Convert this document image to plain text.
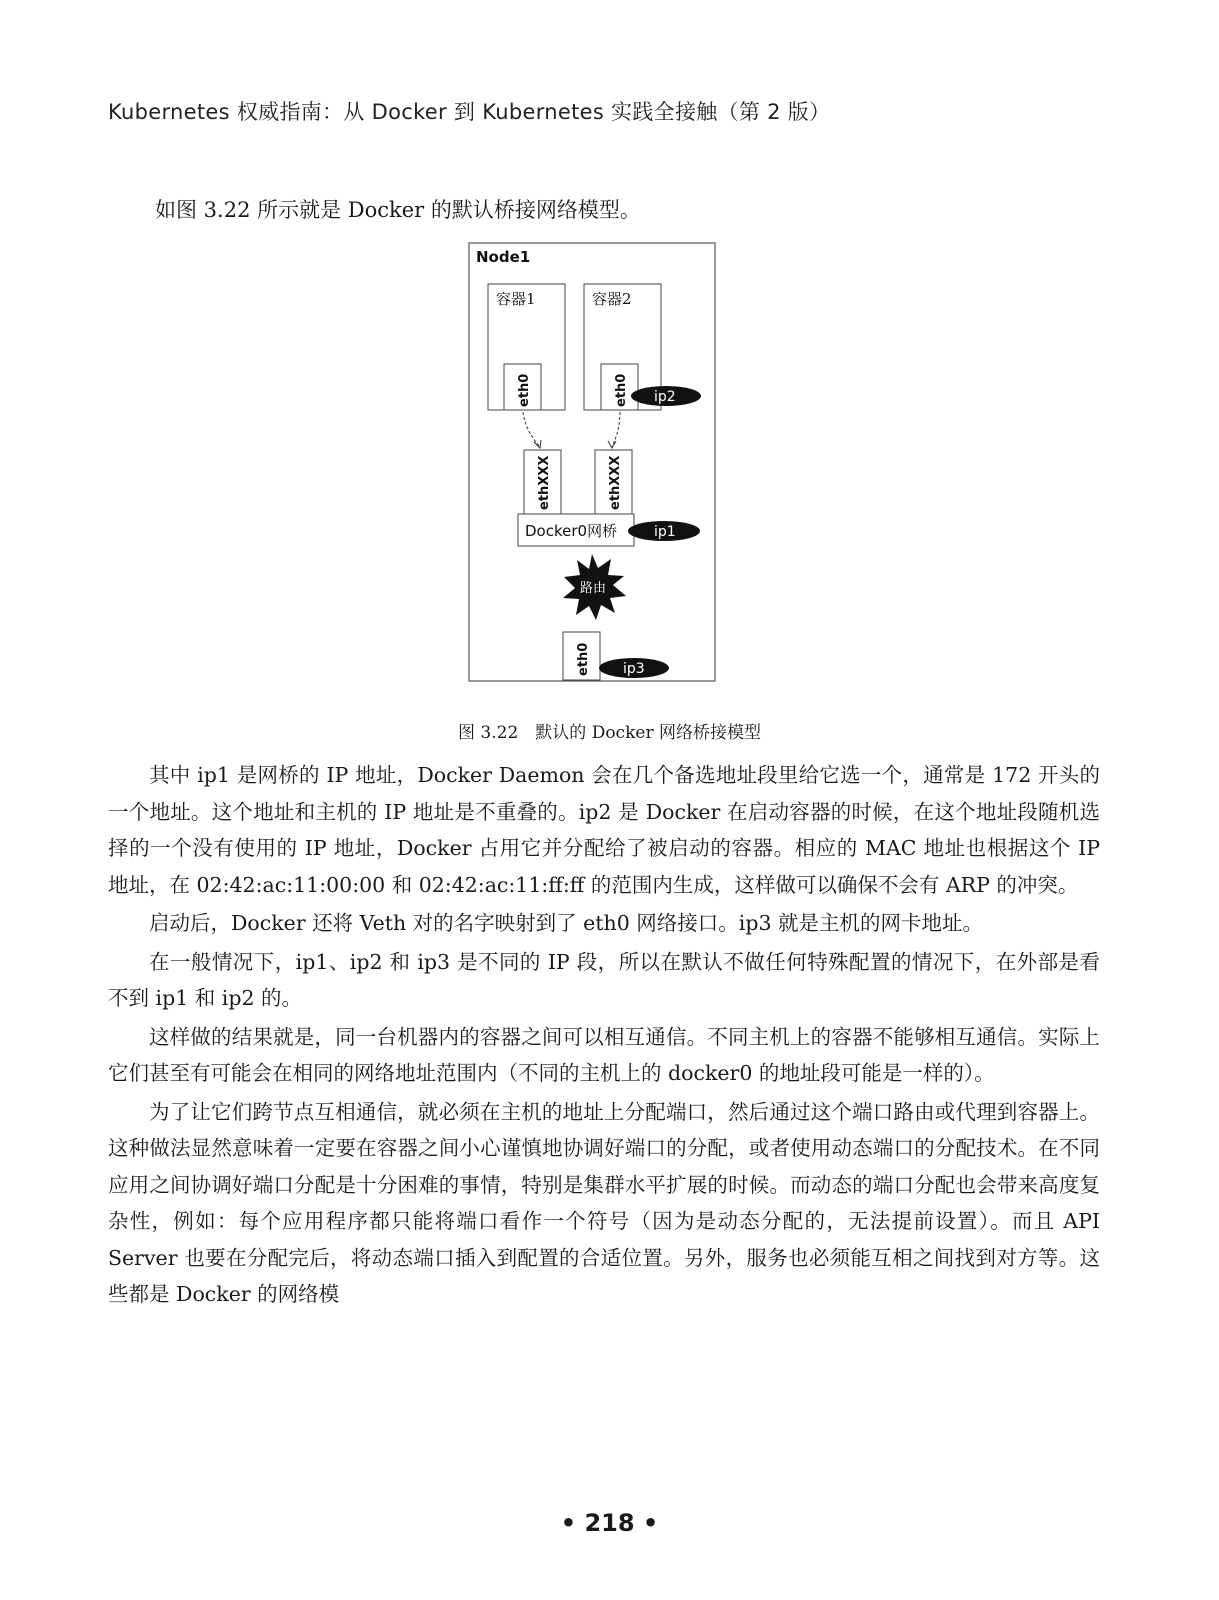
Kubernetes 权威指南：从 Docker 到 Kubernetes 实践全接触（第 2 版）
如图 3.22 所示就是 Docker 的默认桥接网络模型。
Node1
容器1
eth0
容器2
eth0 ip2
ethXXX	ethXXX
Docker0网桥	ip1
路由
eth0 ip3
图 3.22　默认的 Docker 网络桥接模型

其中 ip1 是网桥的 IP 地址，Docker Daemon 会在几个备选地址段里给它选一个，通常是 172 开头的一个地址。这个地址和主机的 IP 地址是不重叠的。ip2 是 Docker 在启动容器的时候，在这个地址段随机选择的一个没有使用的 IP 地址，Docker 占用它并分配给了被启动的容器。相应的 MAC 地址也根据这个 IP 地址，在 02:42:ac:11:00:00 和 02:42:ac:11:ff:ff 的范围内生成，这样做可以确保不会有 ARP 的冲突。

启动后，Docker 还将 Veth 对的名字映射到了 eth0 网络接口。ip3 就是主机的网卡地址。

在一般情况下，ip1、ip2 和 ip3 是不同的 IP 段，所以在默认不做任何特殊配置的情况下，在外部是看不到 ip1 和 ip2 的。

这样做的结果就是，同一台机器内的容器之间可以相互通信。不同主机上的容器不能够相互通信。实际上它们甚至有可能会在相同的网络地址范围内（不同的主机上的 docker0 的地址段可能是一样的）。

为了让它们跨节点互相通信，就必须在主机的地址上分配端口，然后通过这个端口路由或代理到容器上。这种做法显然意味着一定要在容器之间小心谨慎地协调好端口的分配，或者使用动态端口的分配技术。在不同应用之间协调好端口分配是十分困难的事情，特别是集群水平扩展的时候。而动态的端口分配也会带来高度复杂性，例如：每个应用程序都只能将端口看作一个符号（因为是动态分配的，无法提前设置）。而且 API Server 也要在分配完后，将动态端口插入到配置的合适位置。另外，服务也必须能互相之间找到对方等。这些都是 Docker 的网络模

• 218 •
